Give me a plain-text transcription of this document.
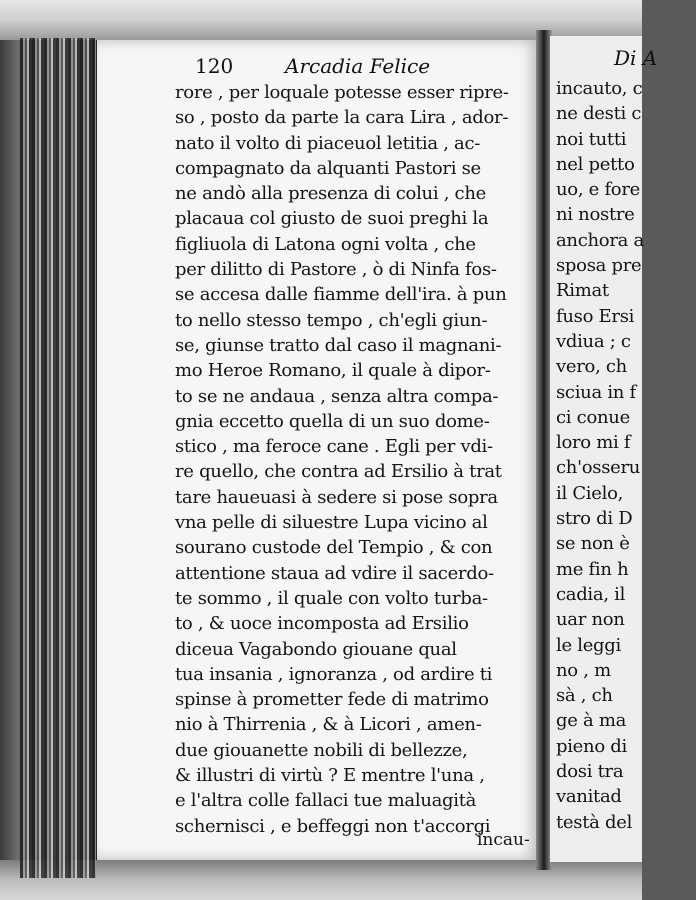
120	Arcadia Felice
rore , per loquale potesse esser ripre-
so , posto da parte la cara Lira , ador-
nato il volto di piaceuol letitia , ac-
compagnato da alquanti Pastori se
ne andò alla presenza di colui , che
placaua col giusto de suoi preghi la
figliuola di Latona ogni volta , che
per dilitto di Pastore , ò di Ninfa fos-
se accesa dalle fiamme dell'ira. à pun
to nello stesso tempo , ch'egli giun-
se, giunse tratto dal caso il magnani-
mo Heroe Romano, il quale à dipor-
to se ne andaua , senza altra compa-
gnia eccetto quella di un suo dome-
stico , ma feroce cane . Egli per vdi-
re quello, che contra ad Ersilio à trat
tare haueuasi à sedere si pose sopra
vna pelle di siluestre Lupa vicino al
sourano custode del Tempio , & con
attentione staua ad vdire il sacerdo-
te sommo , il quale con volto turba-
to , & uoce incomposta ad Ersilio
diceua Vagabondo giouane qual
tua insania , ignoranza , od ardire ti
spinse à prometter fede di matrimo
nio à Thirrenia , & à Licori , amen-
due giouanette nobili di bellezze,
& illustri di virtù ? E mentre l'una ,
e l'altra colle fallaci tue maluagità
schernisci , e beffeggi non t'accorgi
incau-
Di A
incauto, c
ne desti c
noi tutti
nel petto
uo, e fore
ni nostre
anchora a
sposa pre
Rimat
fuso Ersi
vdiua ; c
vero, ch
sciua in f
ci conue
loro mi f
ch'osseru
il Cielo,
stro di D
se non è
me fin h
cadia, il
uar non
le leggi
no , m
sà , ch
ge à ma
pieno di
dosi tra
vanitad
testà del
